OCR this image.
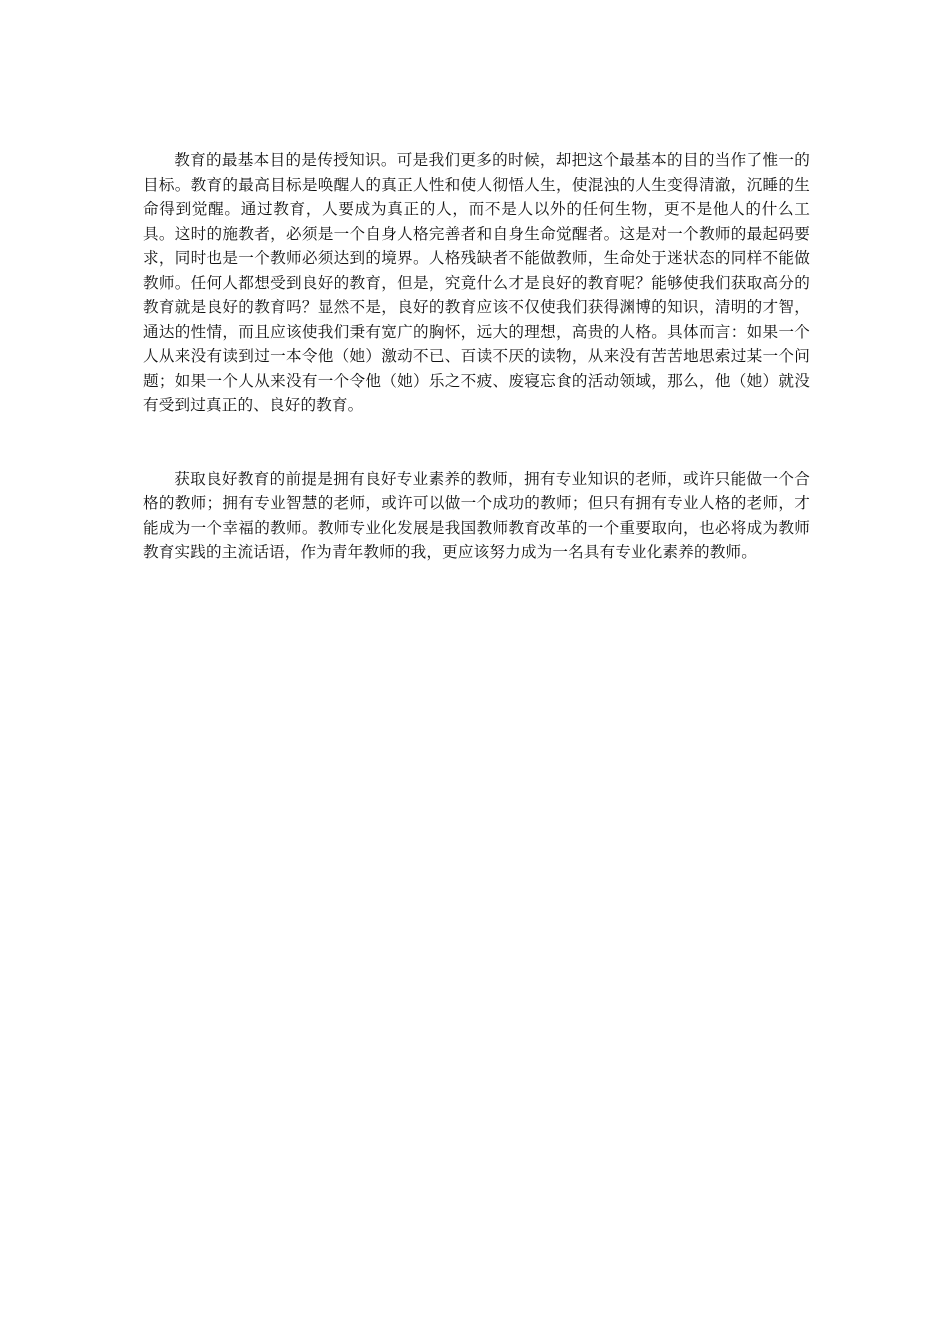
教育的最基本目的是传授知识。可是我们更多的时候，却把这个最基本的目的当作了惟一的目标。教育的最高目标是唤醒人的真正人性和使人彻悟人生，使混浊的人生变得清澈，沉睡的生命得到觉醒。通过教育，人要成为真正的人，而不是人以外的任何生物，更不是他人的什么工具。这时的施教者，必须是一个自身人格完善者和自身生命觉醒者。这是对一个教师的最起码要求，同时也是一个教师必须达到的境界。人格残缺者不能做教师，生命处于迷状态的同样不能做教师。任何人都想受到良好的教育，但是，究竟什么才是良好的教育呢？能够使我们获取高分的教育就是良好的教育吗？显然不是，良好的教育应该不仅使我们获得渊博的知识，清明的才智，通达的性情，而且应该使我们秉有宽广的胸怀，远大的理想，高贵的人格。具体而言：如果一个人从来没有读到过一本令他（她）激动不已、百读不厌的读物，从来没有苦苦地思索过某一个问题；如果一个人从来没有一个令他（她）乐之不疲、废寝忘食的活动领域，那么，他（她）就没有受到过真正的、良好的教育。

获取良好教育的前提是拥有良好专业素养的教师，拥有专业知识的老师，或许只能做一个合格的教师；拥有专业智慧的老师，或许可以做一个成功的教师；但只有拥有专业人格的老师，才能成为一个幸福的教师。教师专业化发展是我国教师教育改革的一个重要取向，也必将成为教师教育实践的主流话语，作为青年教师的我，更应该努力成为一名具有专业化素养的教师。
